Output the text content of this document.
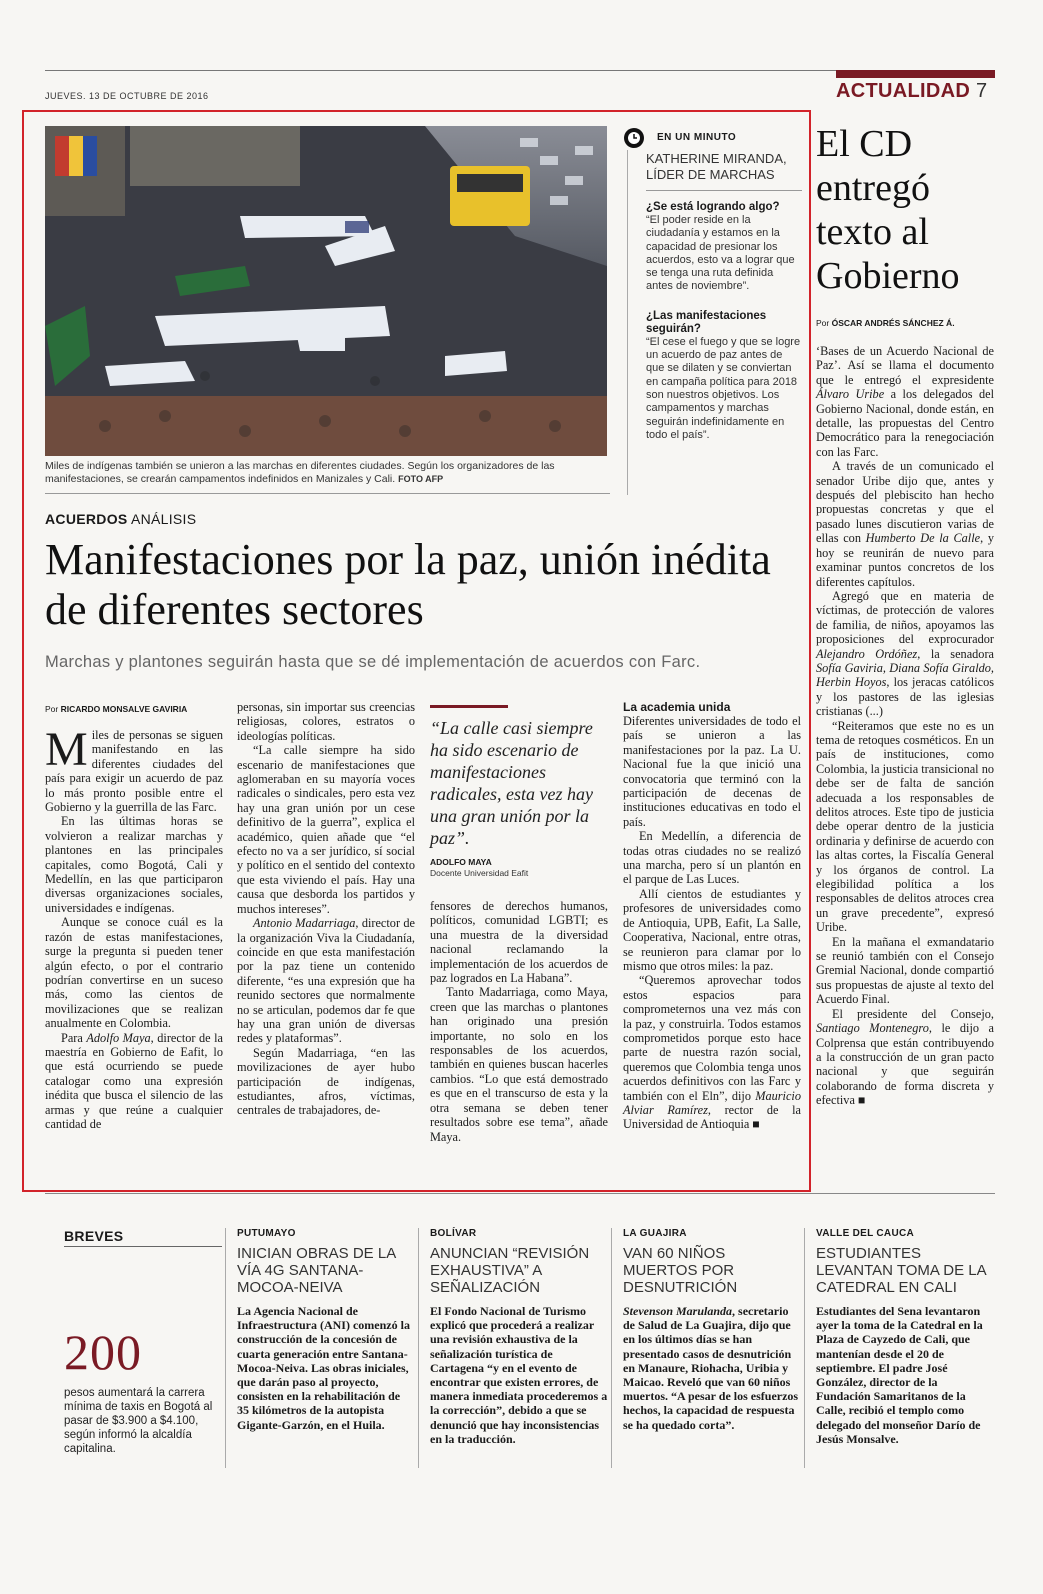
JUEVES. 13 DE OCTUBRE DE 2016	ACTUALIDAD 7
Miles de indígenas también se unieron a las marchas en diferentes ciudades. Según los organizadores de las manifestaciones, se crearán campamentos indefinidos en Manizales y Cali. FOTO AFP
EN UN MINUTO
KATHERINE MIRANDA, LÍDER DE MARCHAS
¿Se está logrando algo?
“El poder reside en la ciudadanía y estamos en la capacidad de presionar los acuerdos, esto va a lograr que se tenga una ruta definida antes de noviembre”.
¿Las manifestaciones seguirán?
“El cese el fuego y que se logre un acuerdo de paz antes de que se dilaten y se conviertan en campaña política para 2018 son nuestros objetivos. Los campamentos y marchas seguirán indefinidamente en todo el país”.
ACUERDOS ANÁLISIS
Manifestaciones por la paz, unión inédita de diferentes sectores
Marchas y plantones seguirán hasta que se dé implementación de acuerdos con Farc.
Por RICARDO MONSALVE GAVIRIA

Miles de personas se siguen manifestando en las diferentes ciudades del país para exigir un acuerdo de paz lo más pronto posible entre el Gobierno y la guerrilla de las Farc.

En las últimas horas se volvieron a realizar marchas y plantones en las principales capitales, como Bogotá, Cali y Medellín, en las que participaron diversas organizaciones sociales, universidades e indígenas.

Aunque se conoce cuál es la razón de estas manifestaciones, surge la pregunta si pueden tener algún efecto, o por el contrario podrían convertirse en un suceso más, como las cientos de movilizaciones que se realizan anualmente en Colombia.

Para Adolfo Maya, director de la maestría en Gobierno de Eafit, lo que está ocurriendo se puede catalogar como una expresión inédita que busca el silencio de las armas y que reúne a cualquier cantidad de

personas, sin importar sus creencias religiosas, colores, estratos o ideologías políticas.

“La calle siempre ha sido escenario de manifestaciones que aglomeraban en su mayoría voces radicales o sindicales, pero esta vez hay una gran unión por un cese definitivo de la guerra”, explica el académico, quien añade que “el efecto no va a ser jurídico, sí social y político en el sentido del contexto que esta viviendo el país. Hay una causa que desborda los partidos y muchos intereses”.

Antonio Madarriaga, director de la organización Viva la Ciudadanía, coincide en que esta manifestación por la paz tiene un contenido diferente, “es una expresión que ha reunido sectores que normalmente no se articulan, podemos dar fe que hay una gran unión de diversas redes y plataformas”.

Según Madarriaga, “en las movilizaciones de ayer hubo participación de indígenas, estudiantes, afros, víctimas, centrales de trabajadores, de-

“La calle casi siempre ha sido escenario de manifestaciones radicales, esta vez hay una gran unión por la paz”.
ADOLFO MAYA
Docente Universidad Eafit

fensores de derechos humanos, políticos, comunidad LGBTI; es una muestra de la diversidad nacional reclamando la implementación de los acuerdos de paz logrados en La Habana”.

Tanto Madarriaga, como Maya, creen que las marchas o plantones han originado una presión importante, no solo en los responsables de los acuerdos, también en quienes buscan hacerles cambios. “Lo que está demostrado es que en el transcurso de esta y la otra semana se deben tener resultados sobre ese tema”, añade Maya.

La academia unida

Diferentes universidades de todo el país se unieron a las manifestaciones por la paz. La U. Nacional fue la que inició una convocatoria que terminó con la participación de decenas de instituciones educativas en todo el país.

En Medellín, a diferencia de todas otras ciudades no se realizó una marcha, pero sí un plantón en el parque de Las Luces.

Allí cientos de estudiantes y profesores de universidades como de Antioquia, UPB, Eafit, La Salle, Cooperativa, Nacional, entre otras, se reunieron para clamar por lo mismo que otros miles: la paz.

“Queremos aprovechar todos estos espacios para comprometernos una vez más con la paz, y construirla. Todos estamos comprometidos porque esto hace parte de nuestra razón social, queremos que Colombia tenga unos acuerdos definitivos con las Farc y también con el Eln”, dijo Mauricio Alviar Ramírez, rector de la Universidad de Antioquia ■

El CD entregó texto al Gobierno
Por ÓSCAR ANDRÉS SÁNCHEZ Á.

‘Bases de un Acuerdo Nacional de Paz’. Así se llama el documento que le entregó el expresidente Álvaro Uribe a los delegados del Gobierno Nacional, donde están, en detalle, las propuestas del Centro Democrático para la renegociación con las Farc.

A través de un comunicado el senador Uribe dijo que, antes y después del plebiscito han hecho propuestas concretas y que el pasado lunes discutieron varias de ellas con Humberto De la Calle, y hoy se reunirán de nuevo para examinar puntos concretos de los diferentes capítulos.

Agregó que en materia de víctimas, de protección de valores de familia, de niños, apoyamos las proposiciones del exprocurador Alejandro Ordóñez, la senadora Sofía Gaviria, Diana Sofía Giraldo, Herbin Hoyos, los jeracas católicos y los pastores de las iglesias cristianas (...)

“Reiteramos que este no es un tema de retoques cosméticos. En un país de instituciones, como Colombia, la justicia transicional no debe ser de falta de sanción adecuada a los responsables de delitos atroces. Este tipo de justicia debe operar dentro de la justicia ordinaria y definirse de acuerdo con las altas cortes, la Fiscalía General y los órganos de control. La elegibilidad política a los responsables de delitos atroces crea un grave precedente”, expresó Uribe.

En la mañana el exmandatario se reunió también con el Consejo Gremial Nacional, donde compartió sus propuestas de ajuste al texto del Acuerdo Final.

El presidente del Consejo, Santiago Montenegro, le dijo a Colprensa que están contribuyendo a la construcción de un gran pacto nacional y que seguirán colaborando de forma discreta y efectiva ■

BREVES
200
pesos aumentará la carrera mínima de taxis en Bogotá al pasar de $3.900 a $4.100, según informó la alcaldía capitalina.
PUTUMAYO
INICIAN OBRAS DE LA VÍA 4G SANTANA-MOCOA-NEIVA
La Agencia Nacional de Infraestructura (ANI) comenzó la construcción de la concesión de cuarta generación entre Santana-Mocoa-Neiva. Las obras iniciales, que darán paso al proyecto, consisten en la rehabilitación de 35 kilómetros de la autopista Gigante-Garzón, en el Huila.
BOLÍVAR
ANUNCIAN “REVISIÓN EXHAUSTIVA” A SEÑALIZACIÓN
El Fondo Nacional de Turismo explicó que procederá a realizar una revisión exhaustiva de la señalización turística de Cartagena “y en el evento de encontrar que existen errores, de manera inmediata procederemos a la corrección”, debido a que se denunció que hay inconsistencias en la traducción.
LA GUAJIRA
VAN 60 NIÑOS MUERTOS POR DESNUTRICIÓN
Stevenson Marulanda, secretario de Salud de La Guajira, dijo que en los últimos días se han presentado casos de desnutrición en Manaure, Riohacha, Uribia y Maicao. Reveló que van 60 niños muertos. “A pesar de los esfuerzos hechos, la capacidad de respuesta se ha quedado corta”.
VALLE DEL CAUCA
ESTUDIANTES LEVANTAN TOMA DE LA CATEDRAL EN CALI
Estudiantes del Sena levantaron ayer la toma de la Catedral en la Plaza de Cayzedo de Cali, que mantenían desde el 20 de septiembre. El padre José González, director de la Fundación Samaritanos de la Calle, recibió el templo como delegado del monseñor Darío de Jesús Monsalve.
